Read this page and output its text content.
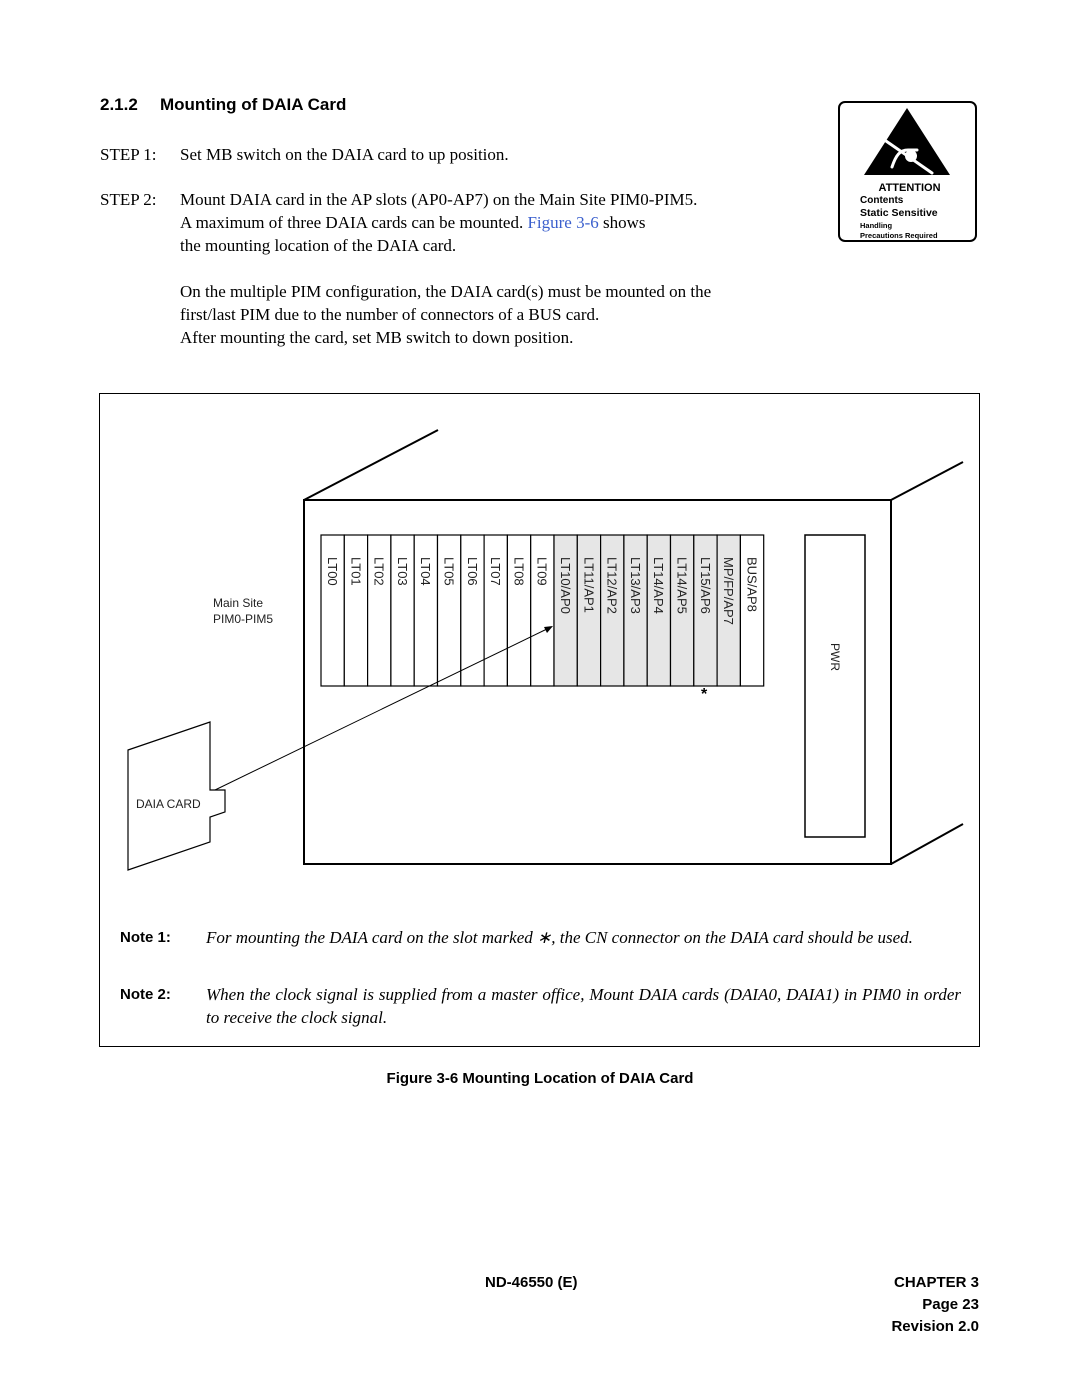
2.1.2 Mounting of DAIA Card
STEP 1: Set MB switch on the DAIA card to up position.
STEP 2: Mount DAIA card in the AP slots (AP0-AP7) on the Main Site PIM0-PIM5.
A maximum of three DAIA cards can be mounted. Figure 3-6 shows
the mounting location of the DAIA card.
On the multiple PIM configuration, the DAIA card(s) must be mounted on the
first/last PIM due to the number of connectors of a BUS card.
After mounting the card, set MB switch to down position.
ATTENTION
Contents
Static Sensitive
Handling
Precautions Required
Main Site
PIM0-PIM5
DAIA CARD
PWR
*
LT00 LT01 LT02 LT03 LT04 LT05 LT06 LT07 LT08 LT09 LT10/AP0 LT11/AP1 LT12/AP2 LT13/AP3 LT14/AP4 LT14/AP5 LT15/AP6 MP/FP/AP7 BUS/AP8
Note 1: For mounting the DAIA card on the slot marked ∗, the CN connector on the DAIA card should be used.
Note 2: When the clock signal is supplied from a master office, Mount DAIA cards (DAIA0, DAIA1) in PIM0 in order to receive the clock signal.
Figure 3-6 Mounting Location of DAIA Card
ND-46550 (E)	CHAPTER 3
Page 23
Revision 2.0
